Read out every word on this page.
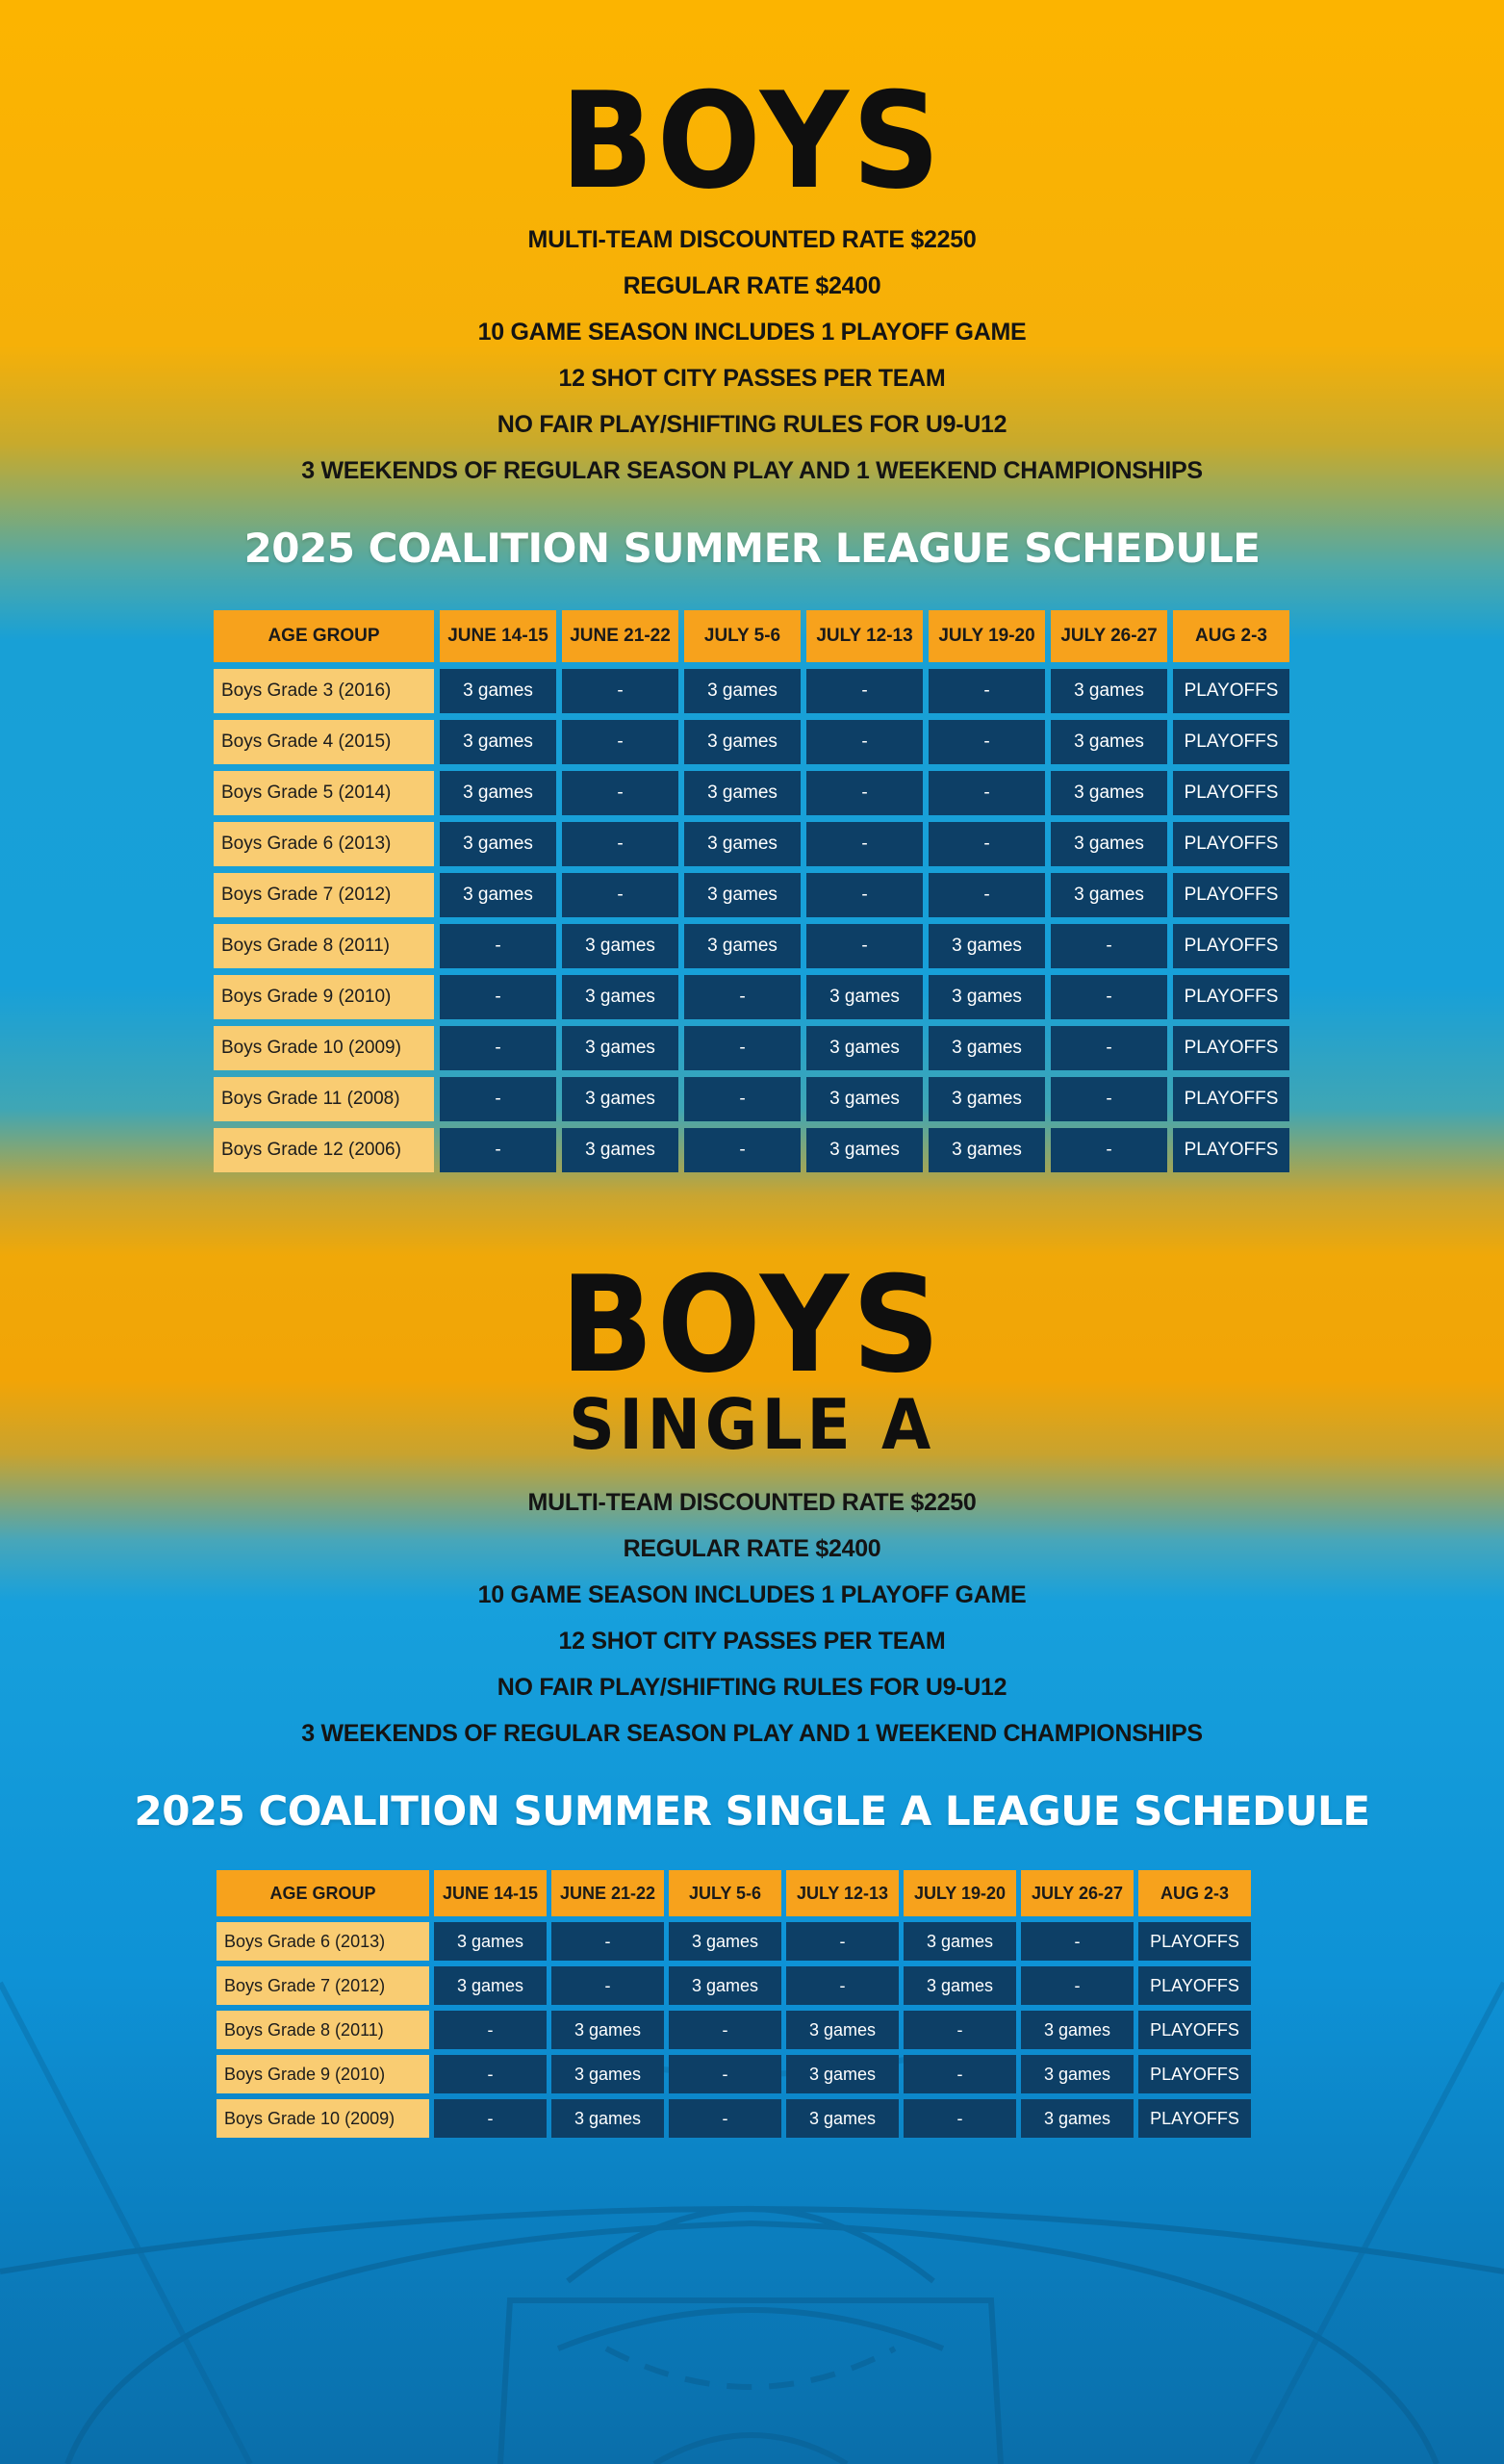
BOYS
MULTI-TEAM DISCOUNTED RATE $2250
REGULAR RATE $2400
10 GAME SEASON INCLUDES 1 PLAYOFF GAME
12 SHOT CITY PASSES PER TEAM
NO FAIR PLAY/SHIFTING RULES FOR U9-U12
3 WEEKENDS OF REGULAR SEASON PLAY AND 1 WEEKEND CHAMPIONSHIPS
2025 COALITION SUMMER LEAGUE SCHEDULE
AGE GROUP	JUNE 14-15	JUNE 21-22	JULY 5-6	JULY 12-13	JULY 19-20	JULY 26-27	AUG 2-3
Boys Grade 3 (2016)	3 games	-	3 games	-	-	3 games	PLAYOFFS
Boys Grade 4 (2015)	3 games	-	3 games	-	-	3 games	PLAYOFFS
Boys Grade 5 (2014)	3 games	-	3 games	-	-	3 games	PLAYOFFS
Boys Grade 6 (2013)	3 games	-	3 games	-	-	3 games	PLAYOFFS
Boys Grade 7 (2012)	3 games	-	3 games	-	-	3 games	PLAYOFFS
Boys Grade 8 (2011)	-	3 games	3 games	-	3 games	-	PLAYOFFS
Boys Grade 9 (2010)	-	3 games	-	3 games	3 games	-	PLAYOFFS
Boys Grade 10 (2009)	-	3 games	-	3 games	3 games	-	PLAYOFFS
Boys Grade 11 (2008)	-	3 games	-	3 games	3 games	-	PLAYOFFS
Boys Grade 12 (2006)	-	3 games	-	3 games	3 games	-	PLAYOFFS
BOYS
SINGLE A
MULTI-TEAM DISCOUNTED RATE $2250
REGULAR RATE $2400
10 GAME SEASON INCLUDES 1 PLAYOFF GAME
12 SHOT CITY PASSES PER TEAM
NO FAIR PLAY/SHIFTING RULES FOR U9-U12
3 WEEKENDS OF REGULAR SEASON PLAY AND 1 WEEKEND CHAMPIONSHIPS
2025 COALITION SUMMER SINGLE A LEAGUE SCHEDULE
AGE GROUP	JUNE 14-15	JUNE 21-22	JULY 5-6	JULY 12-13	JULY 19-20	JULY 26-27	AUG 2-3
Boys Grade 6 (2013)	3 games	-	3 games	-	3 games	-	PLAYOFFS
Boys Grade 7 (2012)	3 games	-	3 games	-	3 games	-	PLAYOFFS
Boys Grade 8 (2011)	-	3 games	-	3 games	-	3 games	PLAYOFFS
Boys Grade 9 (2010)	-	3 games	-	3 games	-	3 games	PLAYOFFS
Boys Grade 10 (2009)	-	3 games	-	3 games	-	3 games	PLAYOFFS
